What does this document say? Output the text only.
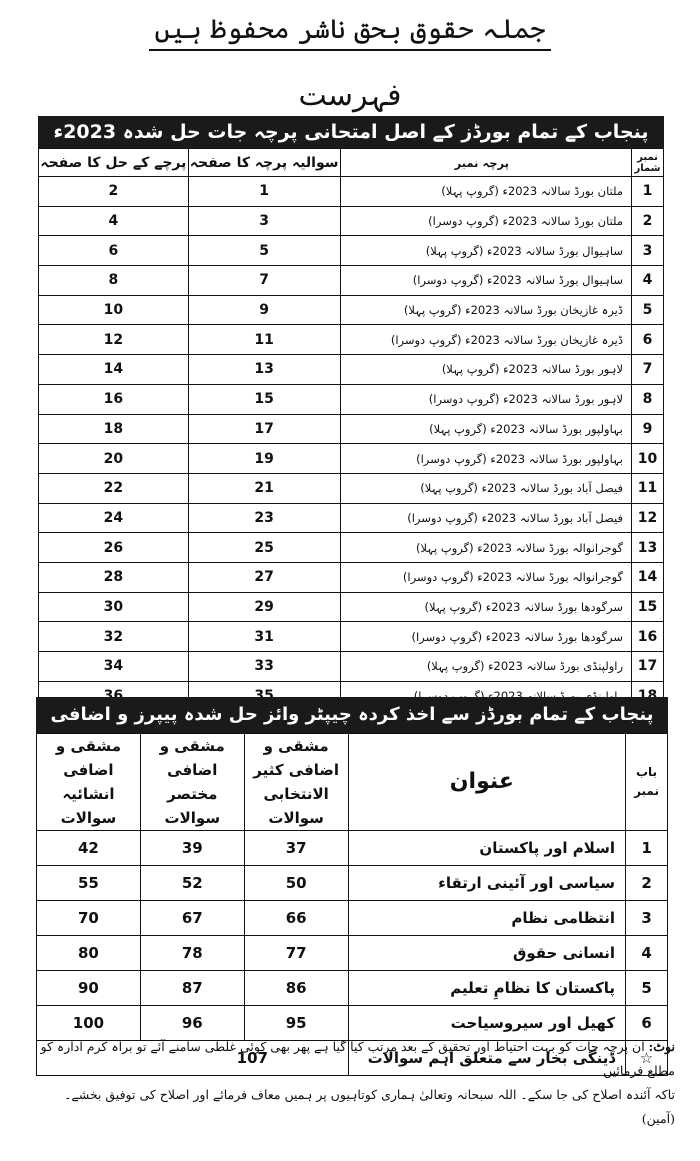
جملہ حقوق بحق ناشر محفوظ ہیں
فہرست
پنجاب کے تمام بورڈز کے اصل امتحانی پرچہ جات حل شدہ 2023ء
نمبر شمار	پرچہ نمبر	سوالیہ پرچہ کا صفحہ	پرچے کے حل کا صفحہ
1	ملتان بورڈ سالانہ 2023ء (گروپ پہلا)	1	2
2	ملتان بورڈ سالانہ 2023ء (گروپ دوسرا)	3	4
3	ساہیوال بورڈ سالانہ 2023ء (گروپ پہلا)	5	6
4	ساہیوال بورڈ سالانہ 2023ء (گروپ دوسرا)	7	8
5	ڈیرہ غازیخان بورڈ سالانہ 2023ء (گروپ پہلا)	9	10
6	ڈیرہ غازیخان بورڈ سالانہ 2023ء (گروپ دوسرا)	11	12
7	لاہور بورڈ سالانہ 2023ء (گروپ پہلا)	13	14
8	لاہور بورڈ سالانہ 2023ء (گروپ دوسرا)	15	16
9	بہاولپور بورڈ سالانہ 2023ء (گروپ پہلا)	17	18
10	بہاولپور بورڈ سالانہ 2023ء (گروپ دوسرا)	19	20
11	فیصل آباد بورڈ سالانہ 2023ء (گروپ پہلا)	21	22
12	فیصل آباد بورڈ سالانہ 2023ء (گروپ دوسرا)	23	24
13	گوجرانوالہ بورڈ سالانہ 2023ء (گروپ پہلا)	25	26
14	گوجرانوالہ بورڈ سالانہ 2023ء (گروپ دوسرا)	27	28
15	سرگودھا بورڈ سالانہ 2023ء (گروپ پہلا)	29	30
16	سرگودھا بورڈ سالانہ 2023ء (گروپ دوسرا)	31	32
17	راولپنڈی بورڈ سالانہ 2023ء (گروپ پہلا)	33	34

پنجاب کے تمام بورڈز سے اخذ کردہ چیپٹر وائز حل شدہ پیپرز و اضافی سوالات
باب نمبر	عنوان	مشقی و اضافی کثیر الانتخابی سوالات	مشقی و اضافی مختصر سوالات	مشقی و اضافی انشائیہ سوالات
1	اسلام اور پاکستان	37	39	42
2	سیاسی اور آئینی ارتقاء	50	52	55
3	انتظامی نظام	66	67	70
4	انسانی حقوق	77	78	80
5	پاکستان کا نظامِ تعلیم	86	87	90
6	کھیل اور سیروسیاحت	95	96	100
☆	ڈینگی بخار سے متعلق اہم سوالات	107		
نوٹ: ان پرچہ جات کو بہت احتیاط اور تحقیق کے بعد مرتب کیا گیا ہے پھر بھی کوئی غلطی سامنے آئے تو براہ کرم ادارہ کو مطلع فرمائیں
تاکہ آئندہ اصلاح کی جا سکے۔ اللہ سبحانہ وتعالیٰ ہماری کوتاہیوں پر ہمیں معاف فرمائے اور اصلاح کی توفیق بخشے۔ (آمین)
